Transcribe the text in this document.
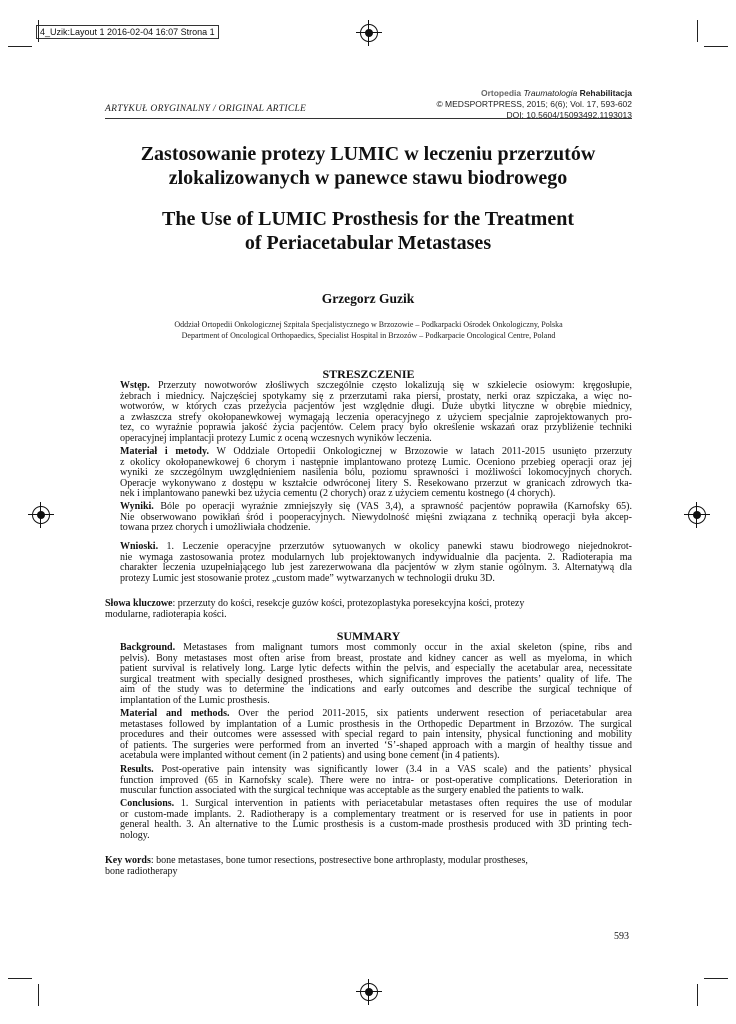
4_Uzik:Layout 1 2016-02-04 16:07 Strona 1
Ortopedia Traumatologia Rehabilitacja
© MEDSPORTPRESS, 2015; 6(6); Vol. 17, 593-602
DOI: 10.5604/15093492.1193013
ARTYKUŁ ORYGINALNY / ORIGINAL ARTICLE
Zastosowanie protezy LUMIC w leczeniu przerzutów
zlokalizowanych w panewce stawu biodrowego
The Use of LUMIC Prosthesis for the Treatment
of Periacetabular Metastases
Grzegorz Guzik
Oddział Ortopedii Onkologicznej Szpitala Specjalistycznego w Brzozowie – Podkarpacki Ośrodek Onkologiczny, Polska
Department of Oncological Orthopaedics, Specialist Hospital in Brzozów – Podkarpacie Oncological Centre, Poland
STRESZCZENIE
Wstęp. Przerzuty nowotworów złośliwych szczególnie często lokalizują się w szkielecie osiowym: kręgosłupie,
żebrach i miednicy. Najczęściej spotykamy się z przerzutami raka piersi, prostaty, nerki oraz szpiczaka, a więc no-
wotworów, w których czas przeżycia pacjentów jest względnie długi. Duże ubytki lityczne w obrębie miednicy,
a zwłaszcza strefy okołopanewkowej wymagają leczenia operacyjnego z użyciem specjalnie zaprojektowanych pro-
tez, co wyraźnie poprawia jakość życia pacjentów. Celem pracy było określenie wskazań oraz przybliżenie techniki
operacyjnej implantacji protezy Lumic z oceną wczesnych wyników leczenia.
Materiał i metody. W Oddziale Ortopedii Onkologicznej w Brzozowie w latach 2011-2015 usunięto przerzuty
z okolicy okołopanewkowej 6 chorym i następnie implantowano protezę Lumic. Oceniono przebieg operacji oraz jej
wyniki ze szczególnym uwzględnieniem nasilenia bólu, poziomu sprawności i możliwości lokomocyjnych chorych.
Operacje wykonywano z dostępu w kształcie odwróconej litery S. Resekowano przerzut w granicach zdrowych tka-
nek i implantowano panewki bez użycia cementu (2 chorych) oraz z użyciem cementu kostnego (4 chorych).
Wyniki. Bóle po operacji wyraźnie zmniejszyły się (VAS 3,4), a sprawność pacjentów poprawiła (Karnofsky 65).
Nie obserwowano powikłań śród i pooperacyjnych. Niewydolność mięśni związana z techniką operacji była akcep-
towana przez chorych i umożliwiała chodzenie.
Wnioski. 1. Leczenie operacyjne przerzutów sytuowanych w okolicy panewki stawu biodrowego niejednokrot-
nie wymaga zastosowania protez modularnych lub projektowanych indywidualnie dla pacjenta. 2. Radioterapia ma
charakter leczenia uzupełniającego lub jest zarezerwowana dla pacjentów w złym stanie ogólnym. 3. Alternatywą dla
protezy Lumic jest stosowanie protez „custom made” wytwarzanych w technologii druku 3D.
Słowa kluczowe: przerzuty do kości, resekcje guzów kości, protezoplastyka poresekcyjna kości, protezy
modularne, radioterapia kości.
SUMMARY
Background. Metastases from malignant tumors most commonly occur in the axial skeleton (spine, ribs and
pelvis). Bony metastases most often arise from breast, prostate and kidney cancer as well as myeloma, in which
patient survival is relatively long. Large lytic defects within the pelvis, and especially the acetabular area, necessitate
surgical treatment with specially designed prostheses, which significantly improves the patients’ quality of life. The
aim of the study was to determine the indications and early outcomes and describe the surgical technique of
implantation of the Lumic prosthesis.
Material and methods. Over the period 2011-2015, six patients underwent resection of periacetabular area
metastases followed by implantation of a Lumic prosthesis in the Orthopedic Department in Brzozów. The surgical
procedures and their outcomes were assessed with special regard to pain intensity, physical functioning and mobility
of patients. The surgeries were performed from an inverted ‘S’-shaped approach with a margin of healthy tissue and
acetabula were implanted without cement (in 2 patients) and using bone cement (in 4 patients).
Results. Post-operative pain intensity was significantly lower (3.4 in a VAS scale) and the patients’ physical
function improved (65 in Karnofsky scale). There were no intra- or post-operative complications. Deterioration in
muscular function associated with the surgical technique was acceptable as the surgery enabled the patients to walk.
Conclusions. 1. Surgical intervention in patients with periacetabular metastases often requires the use of modular
or custom-made implants. 2. Radiotherapy is a complementary treatment or is reserved for use in patients in poor
general health. 3. An alternative to the Lumic prosthesis is a custom-made prosthesis produced with 3D printing tech-
nology.
Key words: bone metastases, bone tumor resections, postresective bone arthroplasty, modular prostheses,
bone radiotherapy
593
